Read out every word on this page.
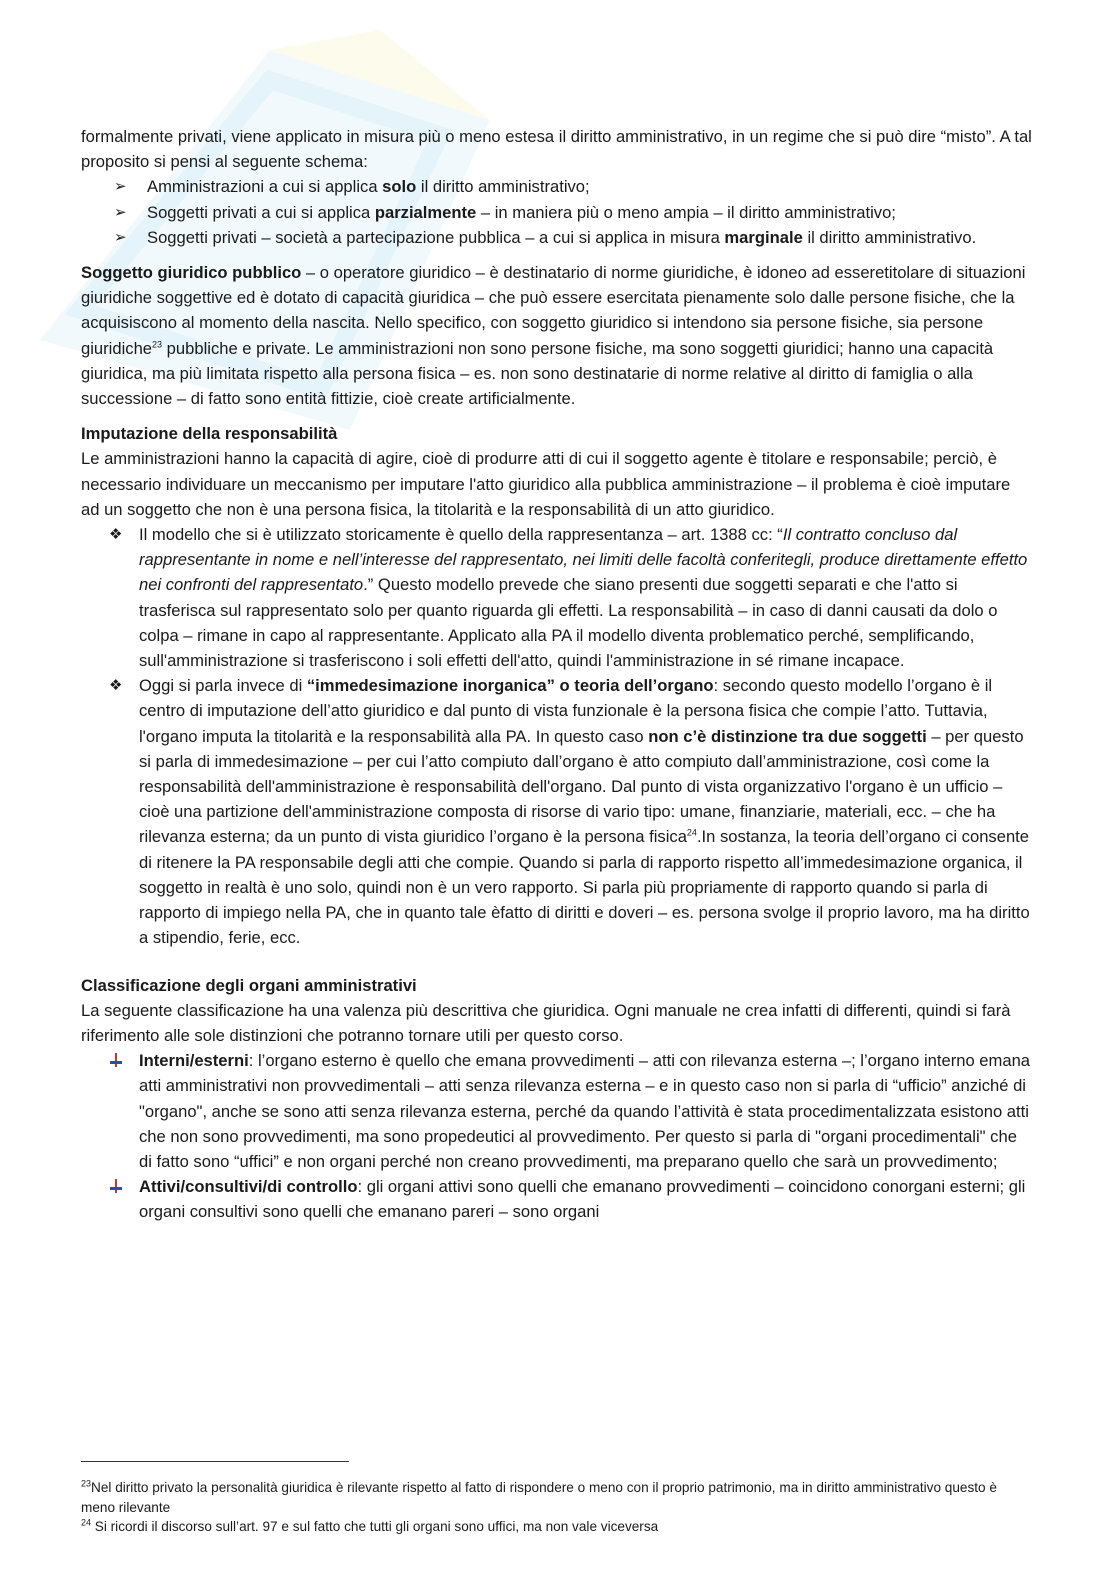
formalmente privati, viene applicato in misura più o meno estesa il diritto amministrativo, in un regime che si può dire “misto”. A tal proposito si pensi al seguente schema:

➢ Amministrazioni a cui si applica solo il diritto amministrativo;
➢ Soggetti privati a cui si applica parzialmente – in maniera più o meno ampia – il diritto amministrativo;
➢ Soggetti privati – società a partecipazione pubblica – a cui si applica in misura marginale il diritto amministrativo.

Soggetto giuridico pubblico – o operatore giuridico – è destinatario di norme giuridiche, è idoneo ad esseretitolare di situazioni giuridiche soggettive ed è dotato di capacità giuridica – che può essere esercitata pienamente solo dalle persone fisiche, che la acquisiscono al momento della nascita. Nello specifico, con soggetto giuridico si intendono sia persone fisiche, sia persone giuridiche$^{23}$ pubbliche e private. Le amministrazioni non sono persone fisiche, ma sono soggetti giuridici; hanno una capacità giuridica, ma più limitata rispetto alla persona fisica – es. non sono destinatarie di norme relative al diritto di famiglia o alla successione – di fatto sono entità fittizie, cioè create artificialmente.

Imputazione della responsabilità

Le amministrazioni hanno la capacità di agire, cioè di produrre atti di cui il soggetto agente è titolare e responsabile; perciò, è necessario individuare un meccanismo per imputare l'atto giuridico alla pubblica amministrazione – il problema è cioè imputare ad un soggetto che non è una persona fisica, la titolarità e la responsabilità di un atto giuridico.

❖ Il modello che si è utilizzato storicamente è quello della rappresentanza – art. 1388 cc: “Il contratto concluso dal rappresentante in nome e nell’interesse del rappresentato, nei limiti delle facoltà conferitegli, produce direttamente effetto nei confronti del rappresentato.” Questo modello prevede che siano presenti due soggetti separati e che l'atto si trasferisca sul rappresentato solo per quanto riguarda gli effetti. La responsabilità – in caso di danni causati da dolo o colpa – rimane in capo al rappresentante. Applicato alla PA il modello diventa problematico perché, semplificando, sull'amministrazione si trasferiscono i soli effetti dell'atto, quindi l'amministrazione in sé rimane incapace.
❖ Oggi si parla invece di “immedesimazione inorganica” o teoria dell’organo: secondo questo modello l’organo è il centro di imputazione dell’atto giuridico e dal punto di vista funzionale è la persona fisica che compie l’atto. Tuttavia, l'organo imputa la titolarità e la responsabilità alla PA. In questo caso non c’è distinzione tra due soggetti – per questo si parla di immedesimazione – per cui l’atto compiuto dall’organo è atto compiuto dall’amministrazione, così come la responsabilità dell'amministrazione è responsabilità dell'organo. Dal punto di vista organizzativo l'organo è un ufficio – cioè una partizione dell'amministrazione composta di risorse di vario tipo: umane, finanziarie, materiali, ecc. – che ha rilevanza esterna; da un punto di vista giuridico l’organo è la persona fisica$^{24}$.In sostanza, la teoria dell’organo ci consente di ritenere la PA responsabile degli atti che compie. Quando si parla di rapporto rispetto all’immedesimazione organica, il soggetto in realtà è uno solo, quindi non è un vero rapporto. Si parla più propriamente di rapporto quando si parla di rapporto di impiego nella PA, che in quanto tale èfatto di diritti e doveri – es. persona svolge il proprio lavoro, ma ha diritto a stipendio, ferie, ecc.

Classificazione degli organi amministrativi

La seguente classificazione ha una valenza più descrittiva che giuridica. Ogni manuale ne crea infatti di differenti, quindi si farà riferimento alle sole distinzioni che potranno tornare utili per questo corso.

Interni/esterni: l’organo esterno è quello che emana provvedimenti – atti con rilevanza esterna –; l’organo interno emana atti amministrativi non provvedimentali – atti senza rilevanza esterna – e in questo caso non si parla di “ufficio” anziché di "organo", anche se sono atti senza rilevanza esterna, perché da quando l’attività è stata procedimentalizzata esistono atti che non sono provvedimenti, ma sono propedeutici al provvedimento. Per questo si parla di "organi procedimentali" che di fatto sono “uffici” e non organi perché non creano provvedimenti, ma preparano quello che sarà un provvedimento;
Attivi/consultivi/di controllo: gli organi attivi sono quelli che emanano provvedimenti – coincidono conorgani esterni; gli organi consultivi sono quelli che emanano pareri – sono organi

$^{23}$Nel diritto privato la personalità giuridica è rilevante rispetto al fatto di rispondere o meno con il proprio patrimonio, ma in diritto amministrativo questo è meno rilevante

$^{24}$ Si ricordi il discorso sull’art. 97 e sul fatto che tutti gli organi sono uffici, ma non vale viceversa
